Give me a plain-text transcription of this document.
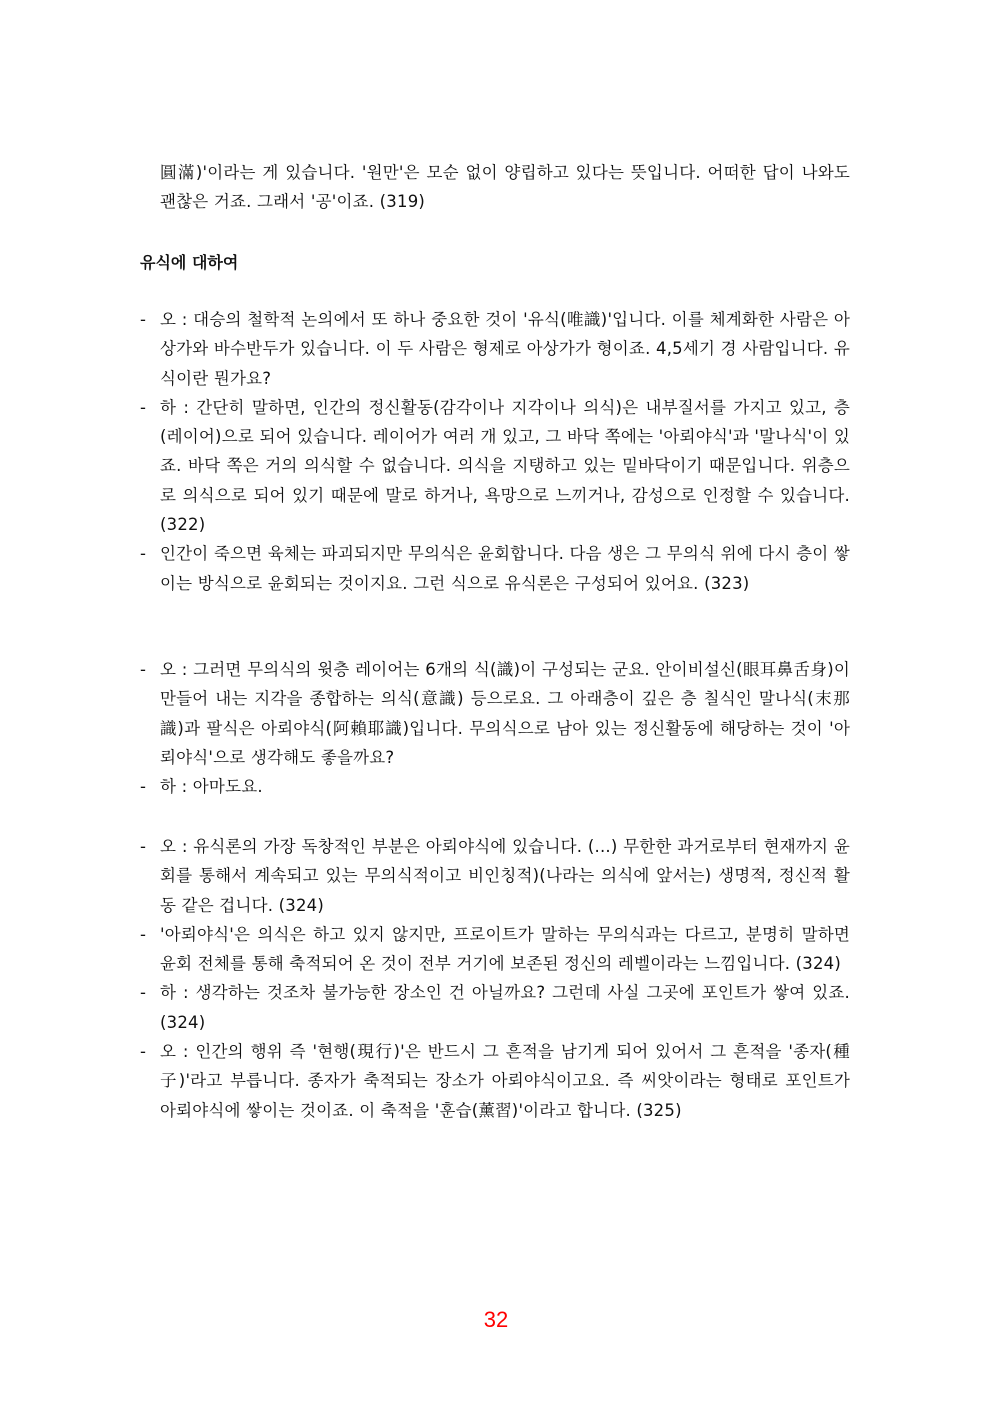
圓滿)'이라는 게 있습니다. '원만'은 모순 없이 양립하고 있다는 뜻입니다. 어떠한 답이 나와도 괜찮은 거죠. 그래서 '공'이죠. (319)
유식에 대하여
- 오 : 대승의 철학적 논의에서 또 하나 중요한 것이 '유식(唯識)'입니다. 이를 체계화한 사람은 아상가와 바수반두가 있습니다. 이 두 사람은 형제로 아상가가 형이죠. 4,5세기 경 사람입니다. 유식이란 뭔가요?
- 하 : 간단히 말하면, 인간의 정신활동(감각이나 지각이나 의식)은 내부질서를 가지고 있고, 층(레이어)으로 되어 있습니다. 레이어가 여러 개 있고, 그 바닥 쪽에는 '아뢰야식'과 '말나식'이 있죠. 바닥 쪽은 거의 의식할 수 없습니다. 의식을 지탱하고 있는 밑바닥이기 때문입니다. 위층으로 의식으로 되어 있기 때문에 말로 하거나, 욕망으로 느끼거나, 감성으로 인정할 수 있습니다. (322)
- 인간이 죽으면 육체는 파괴되지만 무의식은 윤회합니다. 다음 생은 그 무의식 위에 다시 층이 쌓이는 방식으로 윤회되는 것이지요. 그런 식으로 유식론은 구성되어 있어요. (323)
- 오 : 그러면 무의식의 윗층 레이어는 6개의 식(識)이 구성되는 군요. 안이비설신(眼耳鼻舌身)이 만들어 내는 지각을 종합하는 의식(意識) 등으로요. 그 아래층이 깊은 층 칠식인 말나식(末那識)과 팔식은 아뢰야식(阿賴耶識)입니다. 무의식으로 남아 있는 정신활동에 해당하는 것이 '아뢰야식'으로 생각해도 좋을까요?
- 하 : 아마도요.
- 오 : 유식론의 가장 독창적인 부분은 아뢰야식에 있습니다. (...) 무한한 과거로부터 현재까지 윤회를 통해서 계속되고 있는 무의식적이고 비인칭적)(나라는 의식에 앞서는) 생명적, 정신적 활동 같은 겁니다. (324)
- '아뢰야식'은 의식은 하고 있지 않지만, 프로이트가 말하는 무의식과는 다르고, 분명히 말하면 윤회 전체를 통해 축적되어 온 것이 전부 거기에 보존된 정신의 레벨이라는 느낌입니다. (324)
- 하 : 생각하는 것조차 불가능한 장소인 건 아닐까요? 그런데 사실 그곳에 포인트가 쌓여 있죠. (324)
- 오 : 인간의 행위 즉 '현행(現行)'은 반드시 그 흔적을 남기게 되어 있어서 그 흔적을 '종자(種子)'라고 부릅니다. 종자가 축적되는 장소가 아뢰야식이고요. 즉 씨앗이라는 형태로 포인트가 아뢰야식에 쌓이는 것이죠. 이 축적을 '훈습(薰習)'이라고 합니다. (325)
32
